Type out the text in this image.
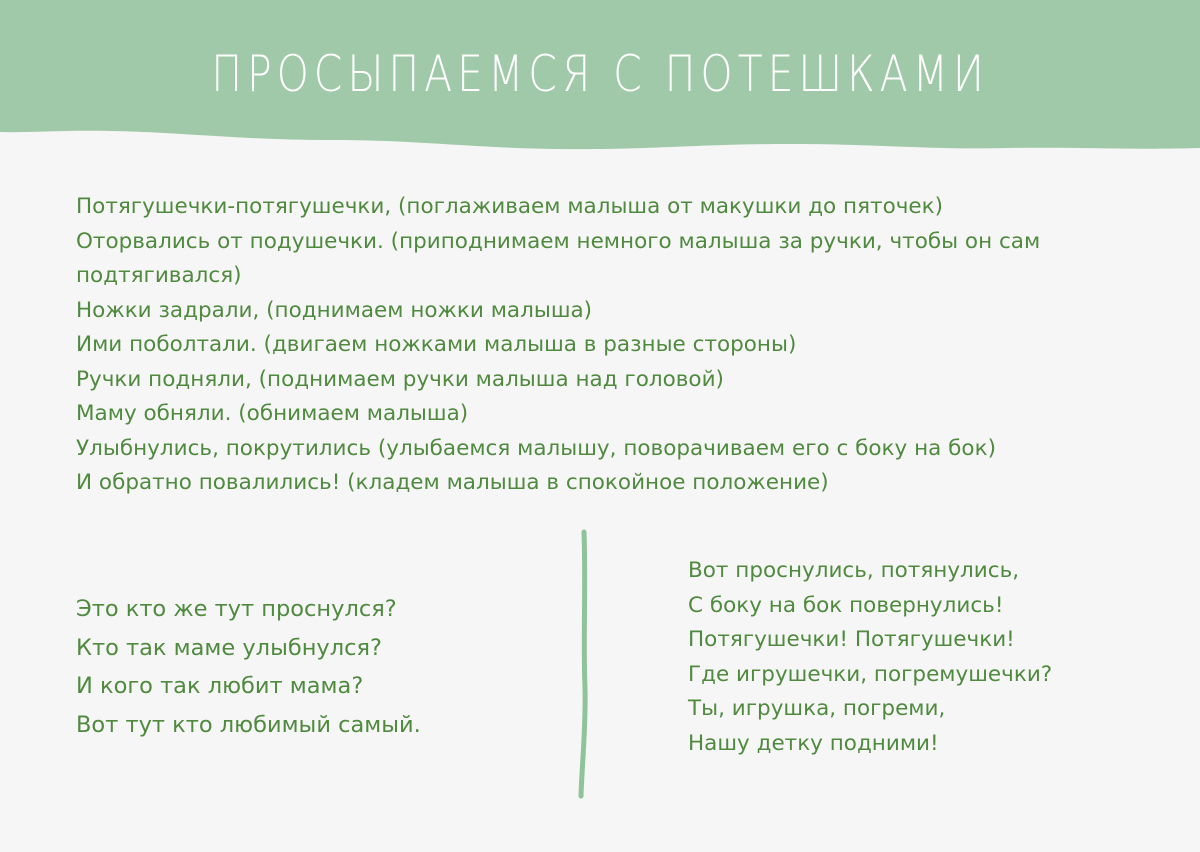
ПРОСЫПАЕМСЯ С ПОТЕШКАМИ
Потягушечки-потягушечки, (поглаживаем малыша от макушки до пяточек)
Оторвались от подушечки. (приподнимаем немного малыша за ручки, чтобы он сам
подтягивался)
Ножки задрали, (поднимаем ножки малыша)
Ими поболтали. (двигаем ножками малыша в разные стороны)
Ручки подняли, (поднимаем ручки малыша над головой)
Маму обняли. (обнимаем малыша)
Улыбнулись, покрутились (улыбаемся малышу, поворачиваем его с боку на бок)
И обратно повалились! (кладем малыша в спокойное положение)
Это кто же тут проснулся?
Кто так маме улыбнулся?
И кого так любит мама?
Вот тут кто любимый самый.
Вот проснулись, потянулись,
С боку на бок повернулись!
Потягушечки! Потягушечки!
Где игрушечки, погремушечки?
Ты, игрушка, погреми,
Нашу детку подними!
